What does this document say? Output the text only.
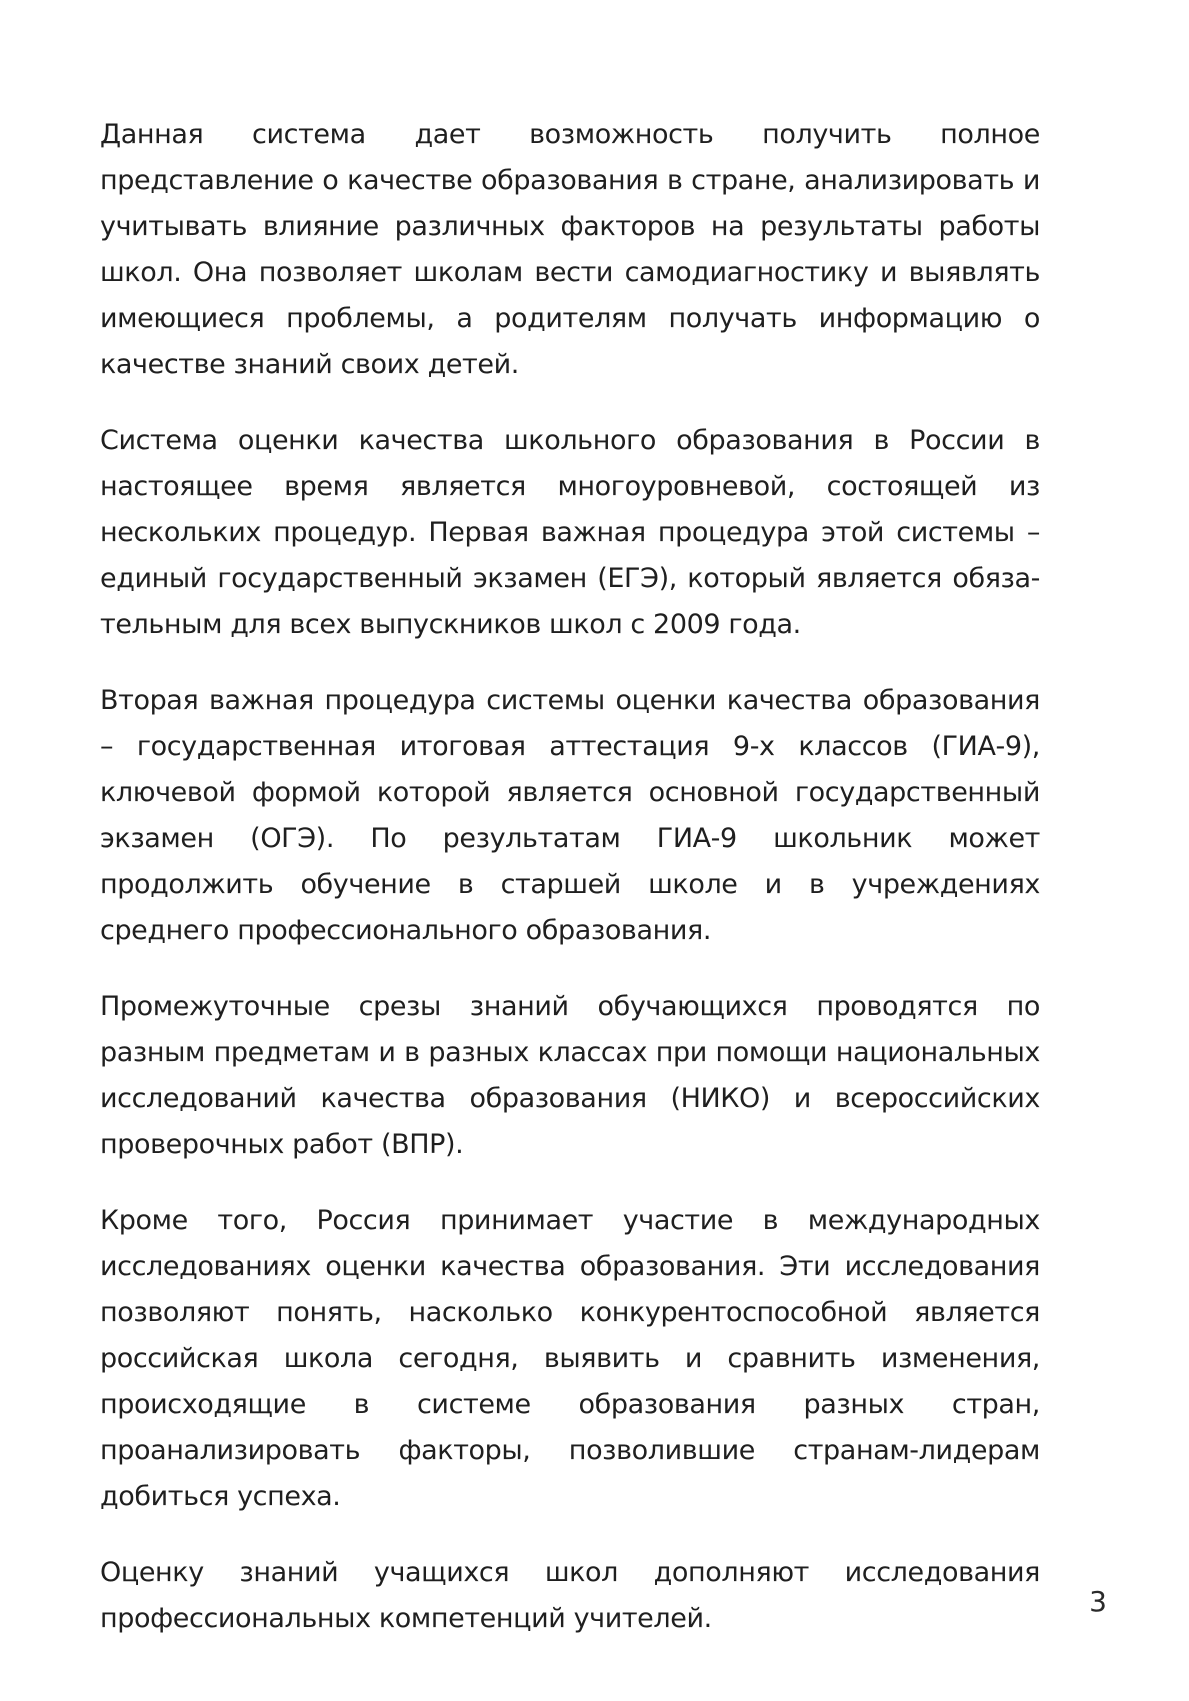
Данная система дает возможность получить полное представление о качестве образования в стране, анализировать и учитывать влияние различных факторов на результаты работы школ. Она позволяет школам вести самодиагностику и выявлять имеющиеся проблемы, а родителям получать информацию о качестве знаний своих детей.

Система оценки качества школьного образования в России в настоящее время является многоуровневой, состоящей из нескольких процедур. Первая важная процедура этой системы – единый государственный экзамен (ЕГЭ), который является обяза-тельным для всех выпускников школ с 2009 года.

Вторая важная процедура системы оценки качества образования – государственная итоговая аттестация 9-х классов (ГИА-9), ключевой формой которой является основной государственный экзамен (ОГЭ). По результатам ГИА-9 школьник может продолжить обучение в старшей школе и в учреждениях среднего профессионального образования.

Промежуточные срезы знаний обучающихся проводятся по разным предметам и в разных классах при помощи национальных исследований качества образования (НИКО) и всероссийских проверочных работ (ВПР).

Кроме того, Россия принимает участие в международных исследованиях оценки качества образования. Эти исследования позволяют понять, насколько конкурентоспособной является российская школа сегодня, выявить и сравнить изменения, происходящие в системе образования разных стран, проанализировать факторы, позволившие странам-лидерам добиться успеха.

Оценку знаний учащихся школ дополняют исследования профессиональных компетенций учителей.

3
